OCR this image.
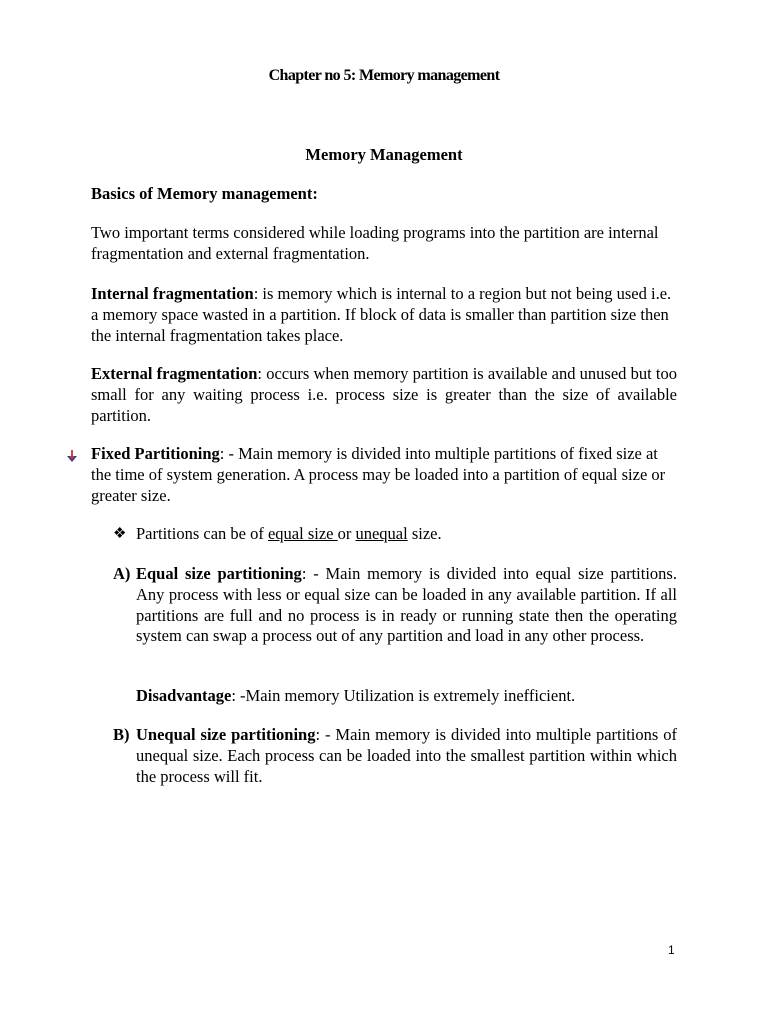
Chapter no 5: Memory management
Memory Management
Basics of Memory management:
Two important terms considered while loading programs into the partition are internal fragmentation and external fragmentation.
Internal fragmentation: is memory which is internal to a region but not being used i.e. a memory space wasted in a partition. If block of data is smaller than partition size then the internal fragmentation takes place.
External fragmentation: occurs when memory partition is available and unused but too small for any waiting process i.e. process size is greater than the size of available partition.
Fixed Partitioning: - Main memory is divided into multiple partitions of fixed size at the time of system generation. A process may be loaded into a partition of equal size or greater size.
❖ Partitions can be of equal size or unequal size.
A) Equal size partitioning: - Main memory is divided into equal size partitions. Any process with less or equal size can be loaded in any available partition. If all partitions are full and no process is in ready or running state then the operating system can swap a process out of any partition and load in any other process.
Disadvantage: -Main memory Utilization is extremely inefficient.
B) Unequal size partitioning: - Main memory is divided into multiple partitions of unequal size. Each process can be loaded into the smallest partition within which the process will fit.
1
